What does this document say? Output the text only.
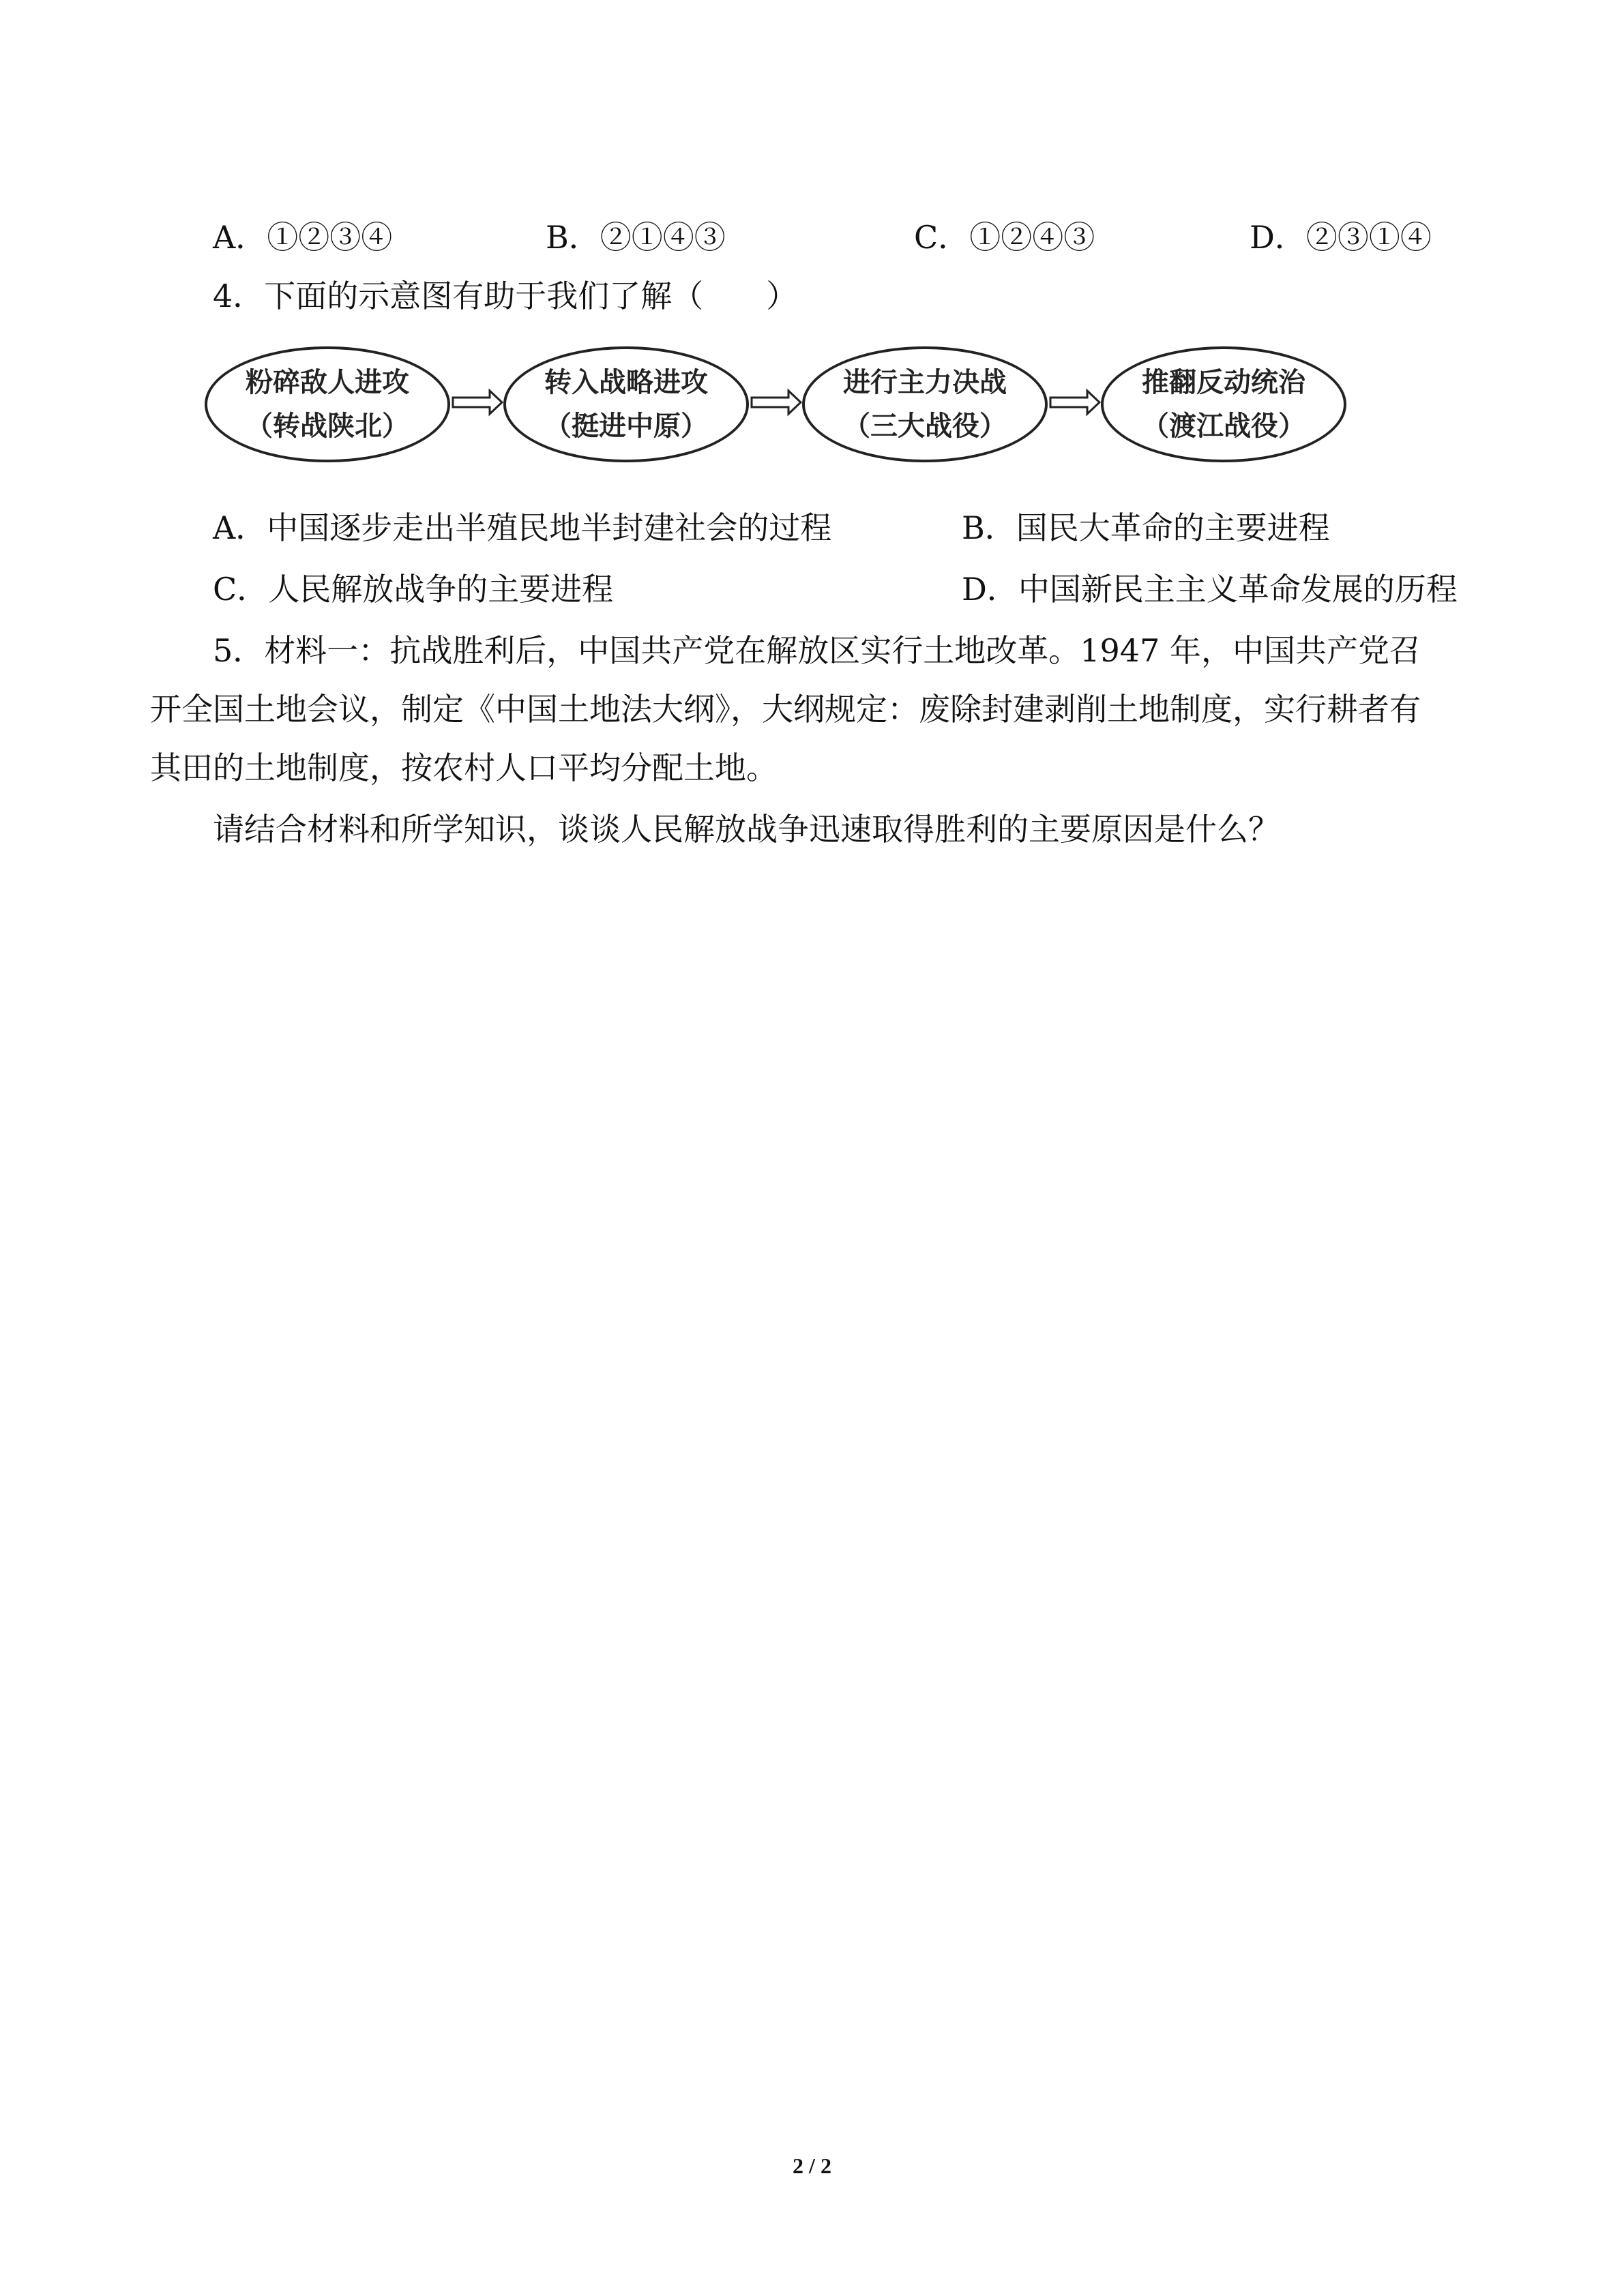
A．①②③④	B．②①④③	C．①②④③	D．②③①④
4．下面的示意图有助于我们了解（　　）
粉碎敌人进攻
（转战陕北）
转入战略进攻
（挺进中原）
进行主力决战
（三大战役）
推翻反动统治
（渡江战役）
A．中国逐步走出半殖民地半封建社会的过程	B．国民大革命的主要进程
C．人民解放战争的主要进程	D．中国新民主主义革命发展的历程
5．材料一：抗战胜利后，中国共产党在解放区实行土地改革。1947 年，中国共产党召
开全国土地会议，制定《中国土地法大纲》，大纲规定：废除封建剥削土地制度，实行耕者有
其田的土地制度，按农村人口平均分配土地。
请结合材料和所学知识，谈谈人民解放战争迅速取得胜利的主要原因是什么？
2 / 2
